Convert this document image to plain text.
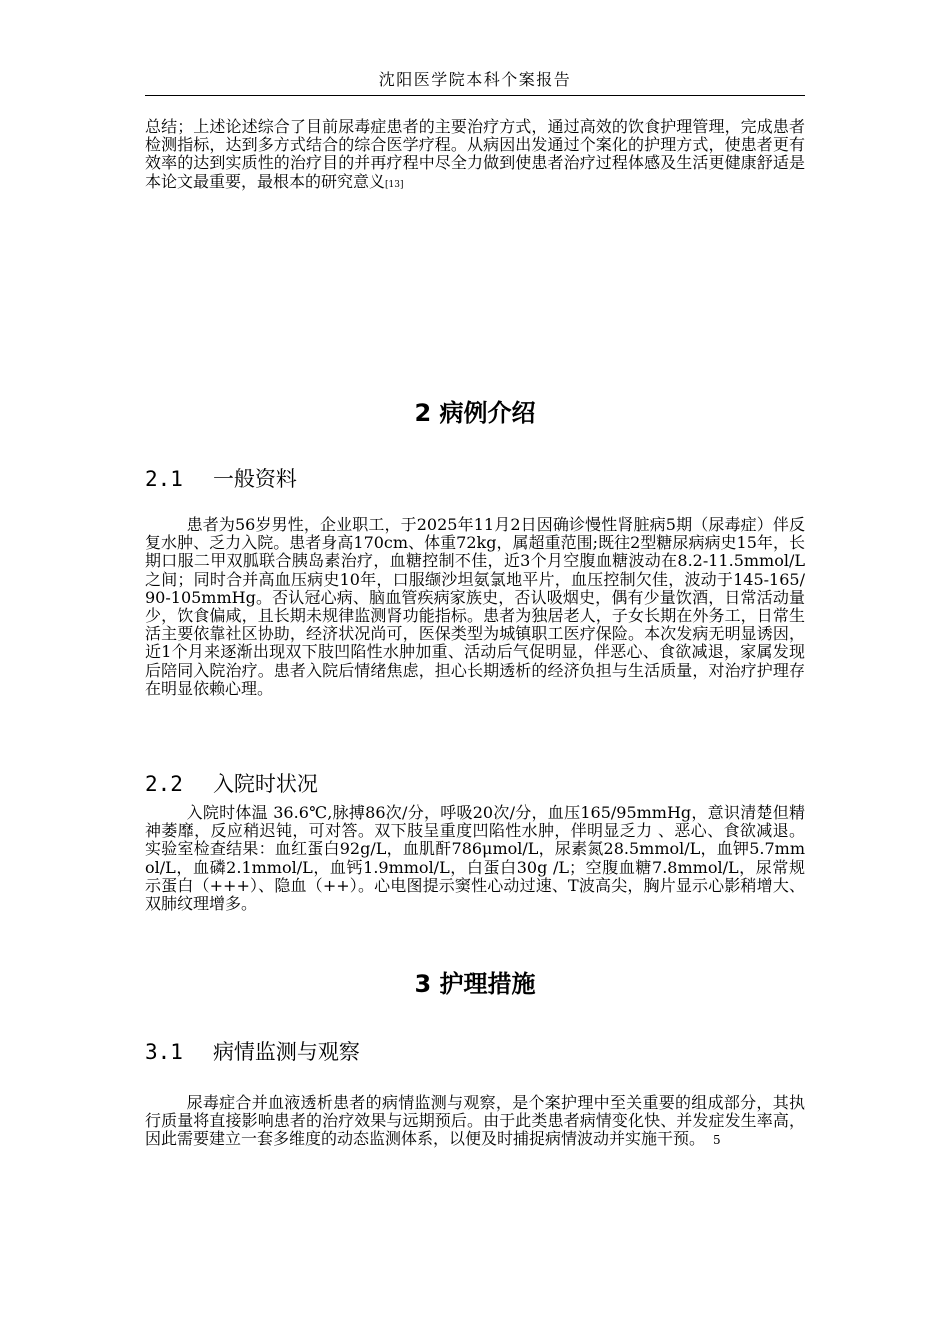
沈阳医学院本科个案报告

总结；上述论述综合了目前尿毒症患者的主要治疗方式，通过高效的饮食护理管理，完成患者检测指标，达到多方式结合的综合医学疗程。从病因出发通过个案化的护理方式，使患者更有效率的达到实质性的治疗目的并再疗程中尽全力做到使患者治疗过程体感及生活更健康舒适是本论文最重要，最根本的研究意义[13]

2 病例介绍
2.1 一般资料

患者为56岁男性，企业职工，于2025年11月2日因确诊慢性肾脏病5期（尿毒症）伴反复水肿、乏力入院。患者身高170cm、体重72kg，属超重范围;既往2型糖尿病病史15年，长期口服二甲双胍联合胰岛素治疗，血糖控制不佳，近3个月空腹血糖波动在8.2-11.5mmol/L之间；同时合并高血压病史10年，口服缬沙坦氨氯地平片，血压控制欠佳，波动于145-165/90-105mmHg。否认冠心病、脑血管疾病家族史，否认吸烟史，偶有少量饮酒，日常活动量少，饮食偏咸，且长期未规律监测肾功能指标。患者为独居老人，子女长期在外务工，日常生活主要依靠社区协助，经济状况尚可，医保类型为城镇职工医疗保险。本次发病无明显诱因，近1个月来逐渐出现双下肢凹陷性水肿加重、活动后气促明显，伴恶心、食欲减退，家属发现后陪同入院治疗。患者入院后情绪焦虑，担心长期透析的经济负担与生活质量，对治疗护理存在明显依赖心理。

2.2 入院时状况

入院时体温 36.6℃,脉搏86次/分，呼吸20次/分，血压165/95mmHg，意识清楚但精神萎靡，反应稍迟钝，可对答。双下肢呈重度凹陷性水肿，伴明显乏力 、恶心、食欲减退。实验室检查结果：血红蛋白92g/L，血肌酐786μmol/L，尿素氮28.5mmol/L，血钾5.7mmol/L，血磷2.1mmol/L，血钙1.9mmol/L，白蛋白30g /L；空腹血糖7.8mmol/L，尿常规示蛋白（+++）、隐血（++）。心电图提示窦性心动过速、T波高尖，胸片显示心影稍增大、双肺纹理增多。

3 护理措施
3.1 病情监测与观察

尿毒症合并血液透析患者的病情监测与观察，是个案护理中至关重要的组成部分，其执行质量将直接影响患者的治疗效果与远期预后。由于此类患者病情变化快、并发症发生率高，因此需要建立一套多维度的动态监测体系，以便及时捕捉病情波动并实施干预。 5
